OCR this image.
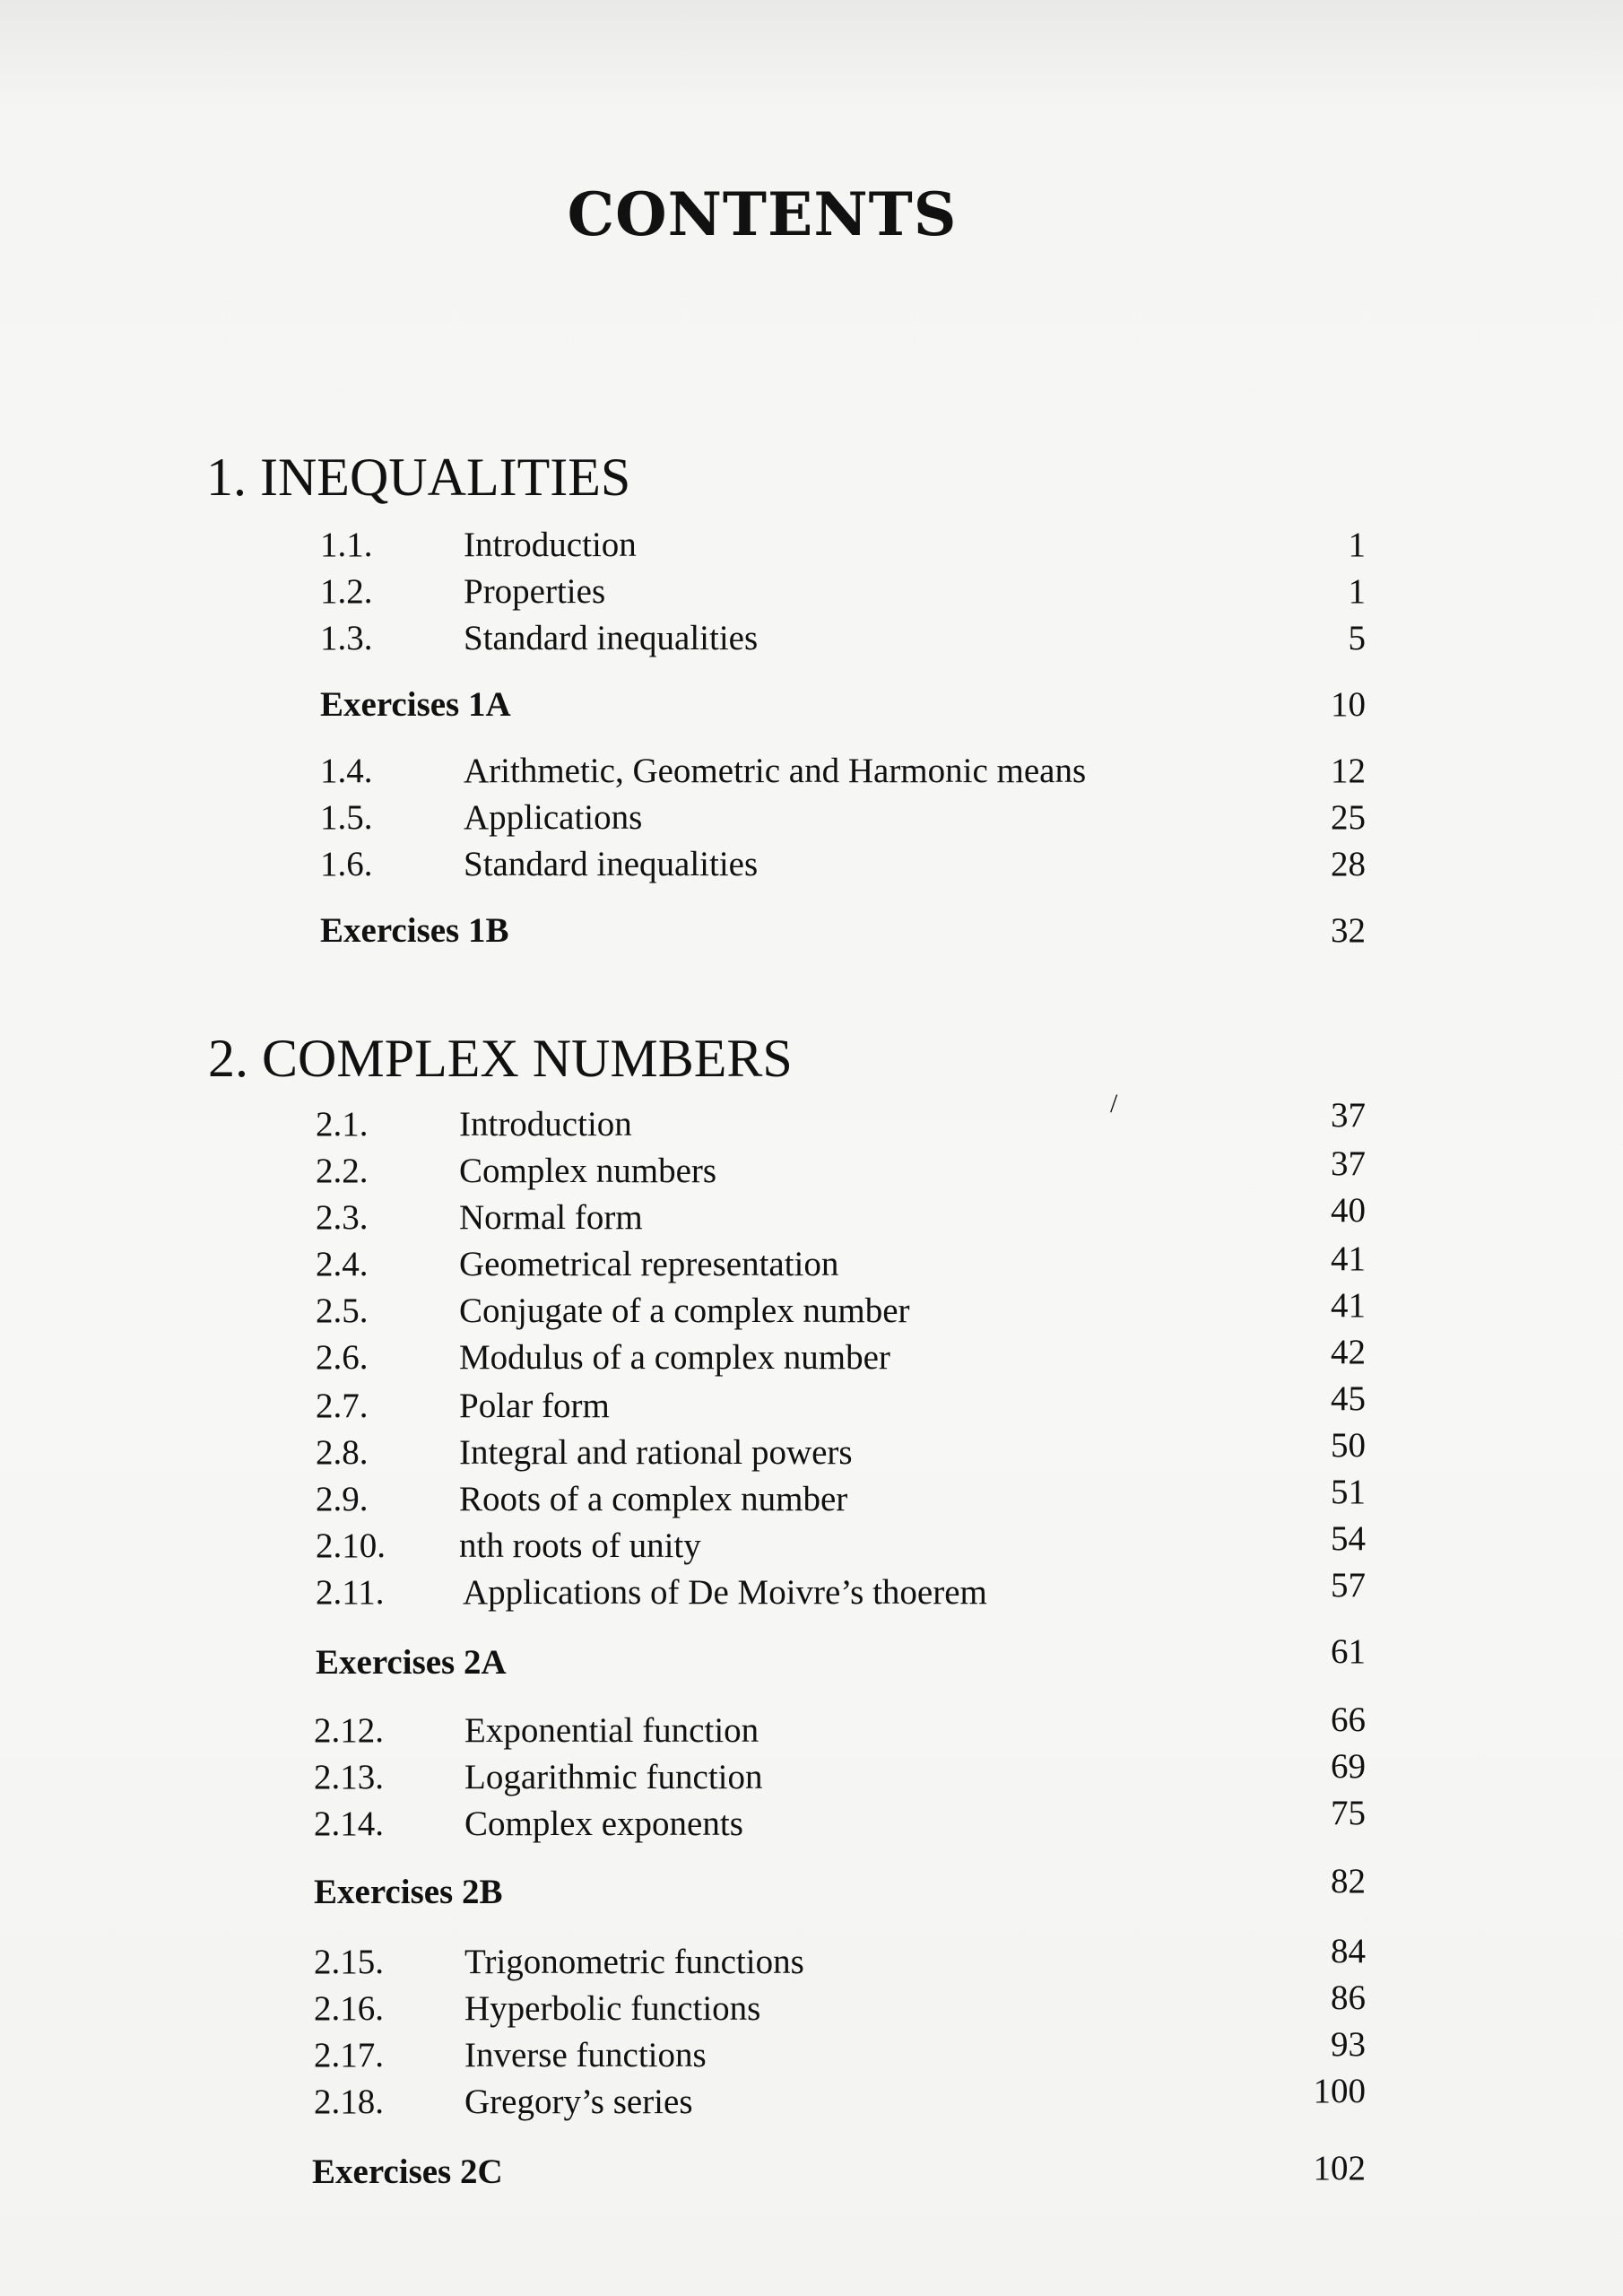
CONTENTS
1. INEQUALITIES
1.1.	Introduction	1
1.2.	Properties	1
1.3.	Standard inequalities	5
Exercises 1A	10
1.4.	Arithmetic, Geometric and Harmonic means	12
1.5.	Applications	25
1.6.	Standard inequalities	28
Exercises 1B	32
2. COMPLEX NUMBERS
/
2.1.	Introduction	37
2.2.	Complex numbers	37
2.3.	Normal form	40
2.4.	Geometrical representation	41
2.5.	Conjugate of a complex number	41
2.6.	Modulus of a complex number	42
2.7.	Polar form	45
2.8.	Integral and rational powers	50
2.9.	Roots of a complex number	51
2.10. nth roots of unity	54
2.11. Applications of De Moivre’s thoerem	57
Exercises 2A	61
2.12. Exponential function	66
2.13. Logarithmic function	69
2.14. Complex exponents	75
Exercises 2B	82
2.15. Trigonometric functions	84
2.16. Hyperbolic functions	86
2.17. Inverse functions	93
2.18. Gregory’s series	100
Exercises 2C	102
